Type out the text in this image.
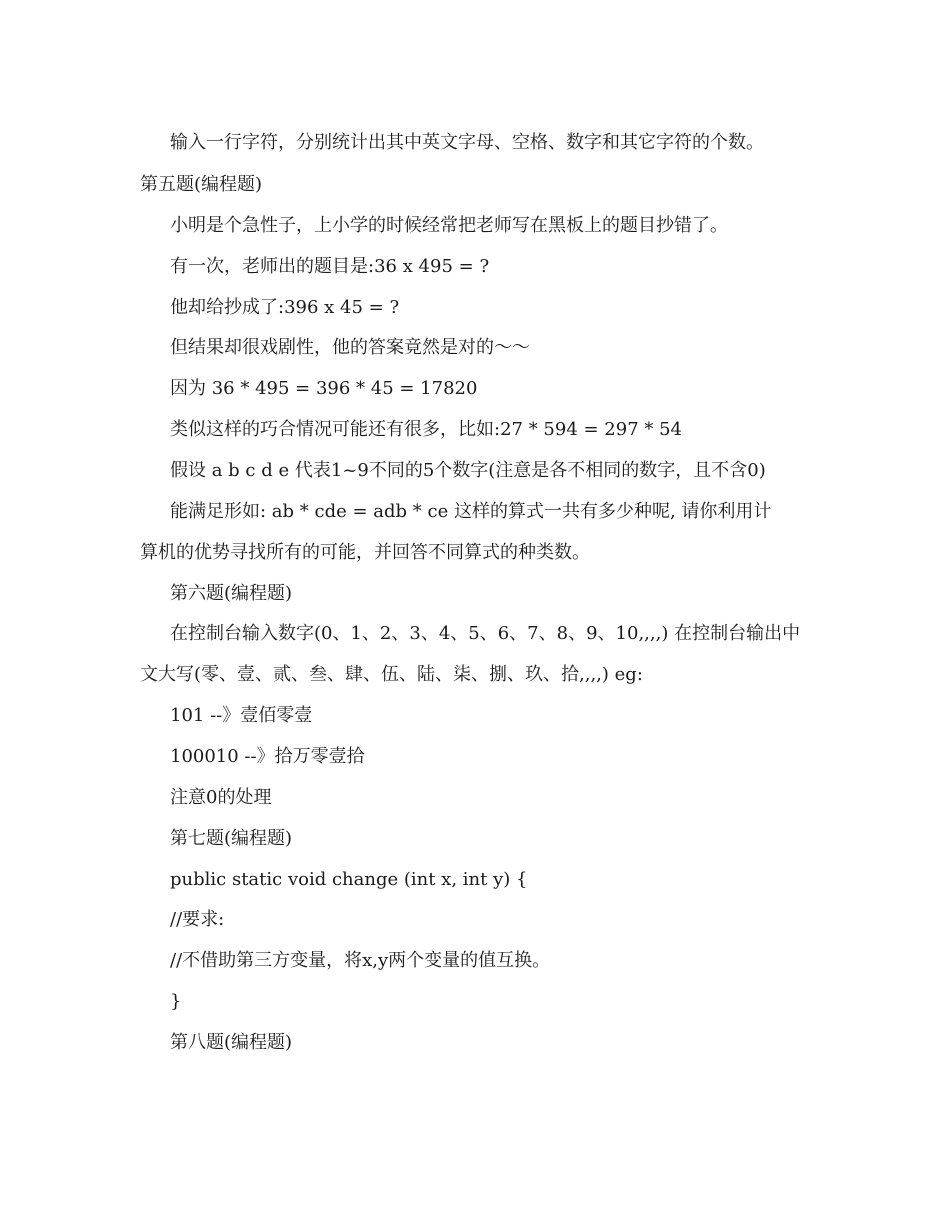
输入一行字符，分别统计出其中英文字母、空格、数字和其它字符的个数。
第五题(编程题)
小明是个急性子，上小学的时候经常把老师写在黑板上的题目抄错了。
有一次，老师出的题目是:36 x 495 = ?
他却给抄成了:396 x 45 = ?
但结果却很戏剧性，他的答案竟然是对的～～
因为 36 * 495 = 396 * 45 = 17820
类似这样的巧合情况可能还有很多，比如:27 * 594 = 297 * 54
假设 a b c d e 代表1~9不同的5个数字(注意是各不相同的数字，且不含0)
能满足形如: ab * cde = adb * ce 这样的算式一共有多少种呢, 请你利用计
算机的优势寻找所有的可能，并回答不同算式的种类数。
第六题(编程题)
在控制台输入数字(0、1、2、3、4、5、6、7、8、9、10,,,,) 在控制台输出中
文大写(零、壹、贰、叁、肆、伍、陆、柒、捌、玖、拾,,,,) eg:
101 --》壹佰零壹
100010 --》拾万零壹拾
注意0的处理
第七题(编程题)
public static void change (int x, int y) {
//要求:
//不借助第三方变量，将x,y两个变量的值互换。
}
第八题(编程题)
